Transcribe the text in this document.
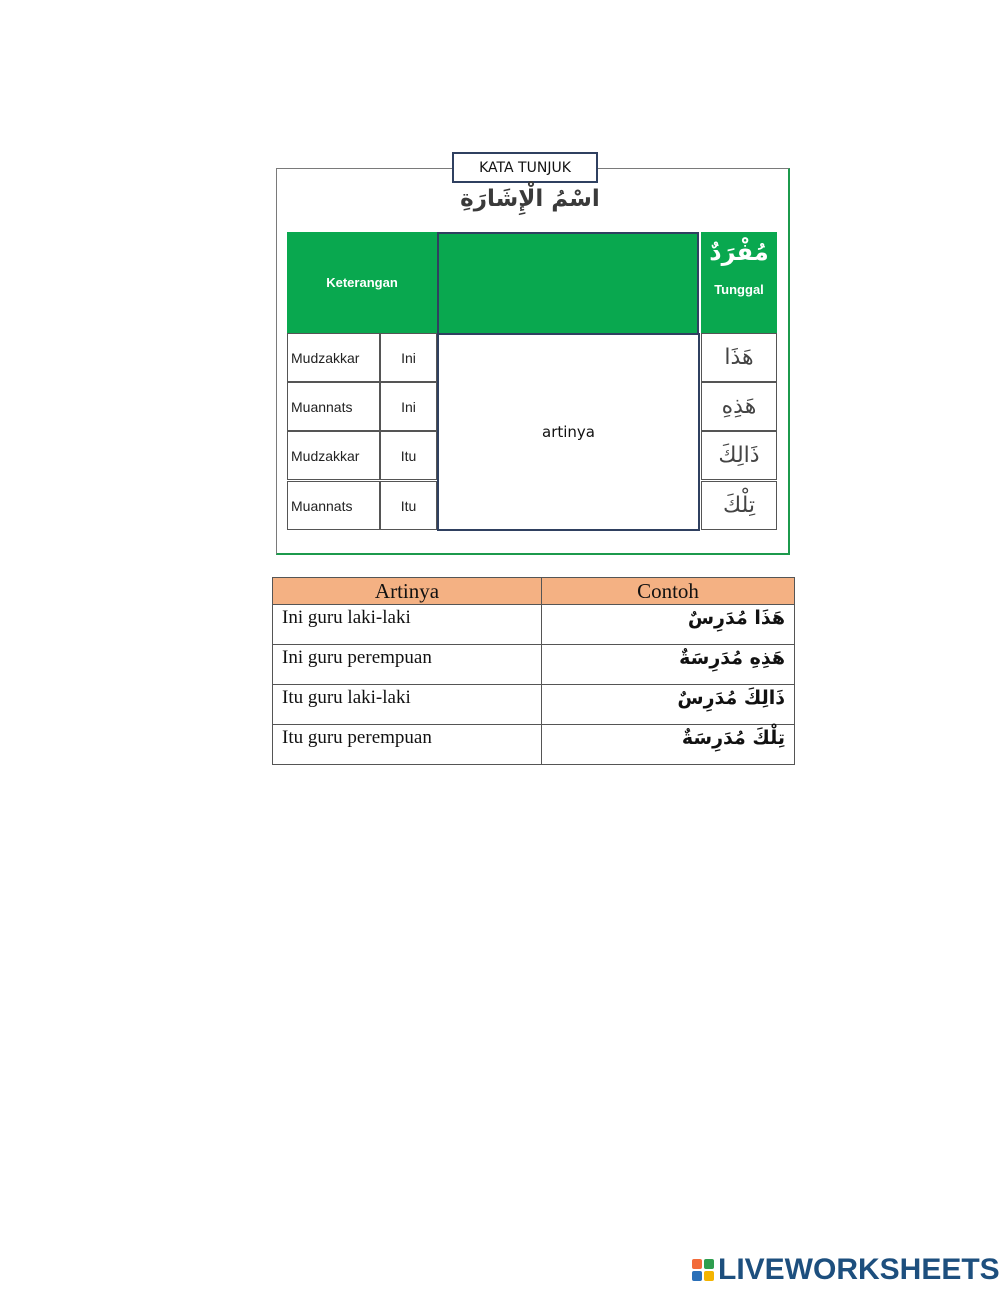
KATA TUNJUK
اسْمُ الْإِشَارَةِ
Keterangan
مُفْرَدٌ
Tunggal
Mudzakkar	Ini	هَذَا
Muannats	Ini	هَذِهِ
Mudzakkar	Itu	ذَالِكَ
Muannats	Itu	تِلْكَ
artinya
Artinya	Contoh
Ini guru laki-laki	هَذَا مُدَرِسٌ
Ini guru perempuan	هَذِهِ مُدَرِسَةٌ
Itu guru laki-laki	ذَالِكَ مُدَرِسٌ
Itu guru perempuan	تِلْكَ مُدَرِسَةٌ
LIVEWORKSHEETS
